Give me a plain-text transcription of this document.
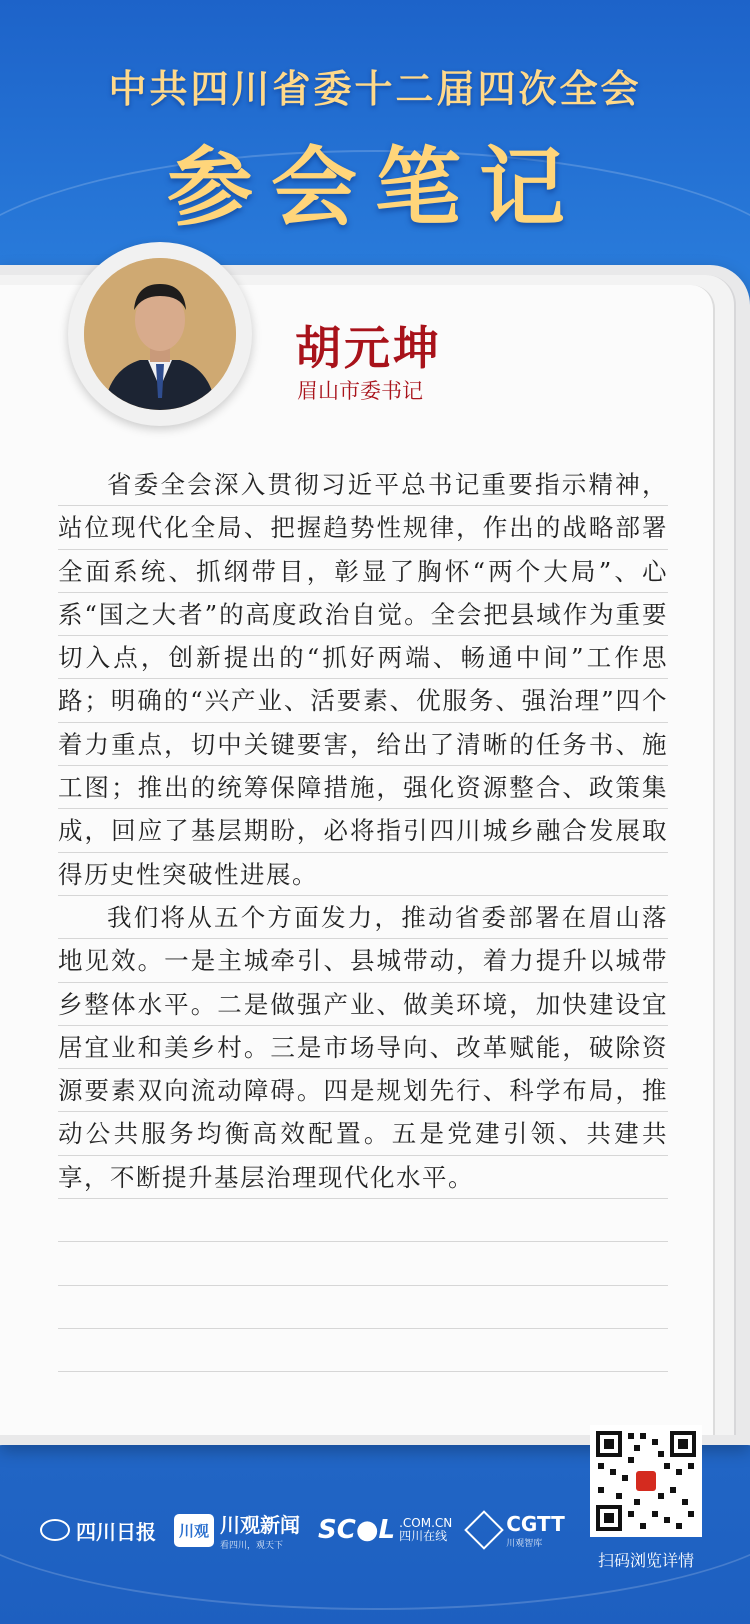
中共四川省委十二届四次全会
参会笔记
胡元坤
眉山市委书记

省委全会深入贯彻习近平总书记重要指示精神，站位现代化全局、把握趋势性规律，作出的战略部署全面系统、抓纲带目，彰显了胸怀“两个大局”、心系“国之大者”的高度政治自觉。全会把县域作为重要切入点，创新提出的“抓好两端、畅通中间”工作思路；明确的“兴产业、活要素、优服务、强治理”四个着力重点，切中关键要害，给出了清晰的任务书、施工图；推出的统筹保障措施，强化资源整合、政策集成，回应了基层期盼，必将指引四川城乡融合发展取得历史性突破性进展。

我们将从五个方面发力，推动省委部署在眉山落地见效。一是主城牵引、县城带动，着力提升以城带乡整体水平。二是做强产业、做美环境，加快建设宜居宜业和美乡村。三是市场导向、改革赋能，破除资源要素双向流动障碍。四是规划先行、科学布局，推动公共服务均衡高效配置。五是党建引领、共建共享，不断提升基层治理现代化水平。

四川日报	川观 川观新闻
看四川，观天下
SC●L .COM.CN
四川在线
CGTT
川观智库
扫码浏览详情
